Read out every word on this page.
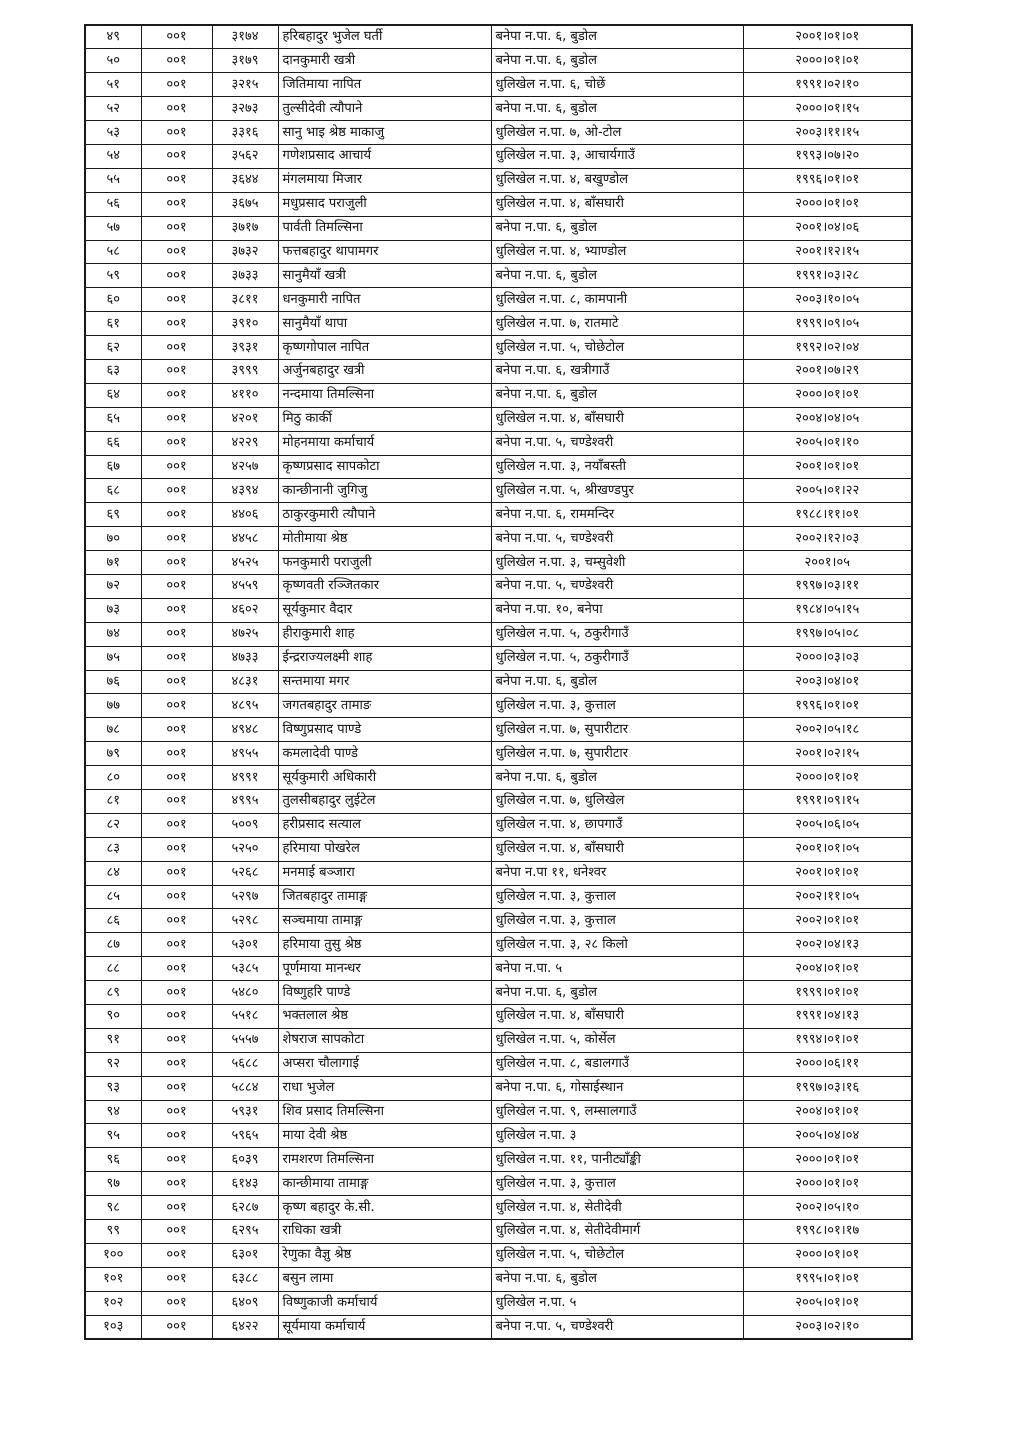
४९	००१	३१७४	हरिबहादुर भुजेल घर्ती	बनेपा न.पा. ६, बुडोल	२००१।०१।०१
५०	००१	३१७९	दानकुमारी खत्री	बनेपा न.पा. ६, बुडोल	२०००।०१।०१
५१	००१	३२१५	जितिमाया नापित	धुलिखेल न.पा. ६, चोछें	१९९१।०२।१०
५२	००१	३२७३	तुल्सीदेवी त्यौपाने	बनेपा न.पा. ६, बुडोल	२०००।०१।१५
५३	००१	३३१६	सानु भाइ श्रेष्ठ माकाजु	धुलिखेल न.पा. ७, ओ-टोल	२००३।११।१५
५४	००१	३५६२	गणेशप्रसाद आचार्य	धुलिखेल न.पा. ३, आचार्यगाउँ	१९९३।०७।२०
५५	००१	३६४४	मंगलमाया मिजार	धुलिखेल न.पा. ४, बखुण्डोल	१९९६।०१।०१
५६	००१	३६७५	मधुप्रसाद पराजुली	धुलिखेल न.पा. ४, बाँसघारी	२०००।०१।०१
५७	००१	३७१७	पार्वती तिमल्सिना	बनेपा न.पा. ६, बुडोल	२००१।०४।०६
५८	००१	३७३२	फत्तबहादुर थापामगर	धुलिखेल न.पा. ४, भ्याण्डोल	२००१।१२।१५
५९	००१	३७३३	सानुमैयाँ खत्री	बनेपा न.पा. ६, बुडोल	१९९१।०३।२८
६०	००१	३८११	धनकुमारी नापित	धुलिखेल न.पा. ८, कामपानी	२००३।१०।०५
६१	००१	३९१०	सानुमैयाँ थापा	धुलिखेल न.पा. ७, रातमाटे	१९९९।०९।०५
६२	००१	३९३१	कृष्णगोपाल नापित	धुलिखेल न.पा. ५, चोछेटोल	१९९२।०२।०४
६३	००१	३९९९	अर्जुनबहादुर खत्री	बनेपा न.पा. ६, खत्रीगाउँ	२००१।०७।२९
६४	००१	४११०	नन्दमाया तिमल्सिना	बनेपा न.पा. ६, बुडोल	२०००।०१।०१
६५	००१	४२०१	मिठु कार्की	धुलिखेल न.पा. ४, बाँसघारी	२००४।०४।०५
६६	००१	४२२९	मोहनमाया कर्माचार्य	बनेपा न.पा. ५, चण्डेश्वरी	२००५।०१।१०
६७	००१	४२५७	कृष्णप्रसाद सापकोटा	धुलिखेल न.पा. ३, नयाँबस्ती	२००१।०१।०१
६८	००१	४३९४	कान्छीनानी जुगिजु	धुलिखेल न.पा. ५, श्रीखण्डपुर	२००५।०१।२२
६९	००१	४४०६	ठाकुरकुमारी त्यौपाने	बनेपा न.पा. ६, राममन्दिर	१९८८।११।०१
७०	००१	४४५८	मोतीमाया श्रेष्ठ	बनेपा न.पा. ५, चण्डेश्वरी	२००२।१२।०३
७१	००१	४५२५	फनकुमारी पराजुली	धुलिखेल न.पा. ३, चम्सुवेशी	२००१।०५
७२	००१	४५५९	कृष्णवती रञ्जितकार	बनेपा न.पा. ५, चण्डेश्वरी	१९९७।०३।११
७३	००१	४६०२	सूर्यकुमार वैदार	बनेपा न.पा. १०, बनेपा	१९८४।०५।१५
७४	००१	४७२५	हीराकुमारी शाह	धुलिखेल न.पा. ५, ठकुरीगाउँ	१९९७।०५।०८
७५	००१	४७३३	ईन्द्रराज्यलक्ष्मी शाह	धुलिखेल न.पा. ५, ठकुरीगाउँ	२०००।०३।०३
७६	००१	४८३१	सन्तमाया मगर	बनेपा न.पा. ६, बुडोल	२००३।०४।०१
७७	००१	४८९५	जगतबहादुर तामाङ	धुलिखेल न.पा. ३, कुत्ताल	१९९६।०१।०१
७८	००१	४९४८	विष्णुप्रसाद पाण्डे	धुलिखेल न.पा. ७, सुपारीटार	२००२।०५।१८
७९	००१	४९५५	कमलादेवी पाण्डे	धुलिखेल न.पा. ७, सुपारीटार	२००१।०२।१५
८०	००१	४९९१	सूर्यकुमारी अधिकारी	बनेपा न.पा. ६, बुडोल	२०००।०१।०१
८१	००१	४९९५	तुलसीबहादुर लुईटेल	धुलिखेल न.पा. ७, धुलिखेल	१९९१।०९।१५
८२	००१	५००९	हरीप्रसाद सत्याल	धुलिखेल न.पा. ४, छापगाउँ	२००५।०६।०५
८३	००१	५२५०	हरिमाया पोखरेल	धुलिखेल न.पा. ४, बाँसघारी	२००१।०१।०५
८४	००१	५२६८	मनमाई बञ्जारा	बनेपा न.पा ११, धनेश्वर	२००१।०१।०१
८५	००१	५२९७	जितबहादुर तामाङ्ग	धुलिखेल न.पा. ३, कुत्ताल	२००२।११।०५
८६	००१	५२९८	सञ्चमाया तामाङ्ग	धुलिखेल न.पा. ३, कुत्ताल	२००२।०१।०१
८७	००१	५३०१	हरिमाया तुसु श्रेष्ठ	धुलिखेल न.पा. ३, २८ किलो	२००२।०४।१३
८८	००१	५३८५	पूर्णमाया मानन्धर	बनेपा न.पा. ५	२००४।०१।०१
८९	००१	५४८०	विष्णुहरि पाण्डे	बनेपा न.पा. ६, बुडोल	१९९९।०१।०१
९०	००१	५५१८	भक्तलाल श्रेष्ठ	धुलिखेल न.पा. ४, बाँसघारी	१९९१।०४।१३
९१	००१	५५५७	शेषराज सापकोटा	धुलिखेल न.पा. ५, कोर्सेल	१९९४।०१।०१
९२	००१	५६८८	अप्सरा चौलागाई	धुलिखेल न.पा. ८, बडालगाउँ	२०००।०६।११
९३	००१	५८८४	राधा भुजेल	बनेपा न.पा. ६, गोसाईस्थान	१९९७।०३।१६
९४	००१	५९३१	शिव प्रसाद तिमल्सिना	धुलिखेल न.पा. ९, लम्सालगाउँ	२००४।०१।०१
९५	००१	५९६५	माया देवी श्रेष्ठ	धुलिखेल न.पा. ३	२००५।०४।०४
९६	००१	६०३९	रामशरण तिमल्सिना	धुलिखेल न.पा. ११, पानीट्याँङ्की	२०००।०१।०१
९७	००१	६१४३	कान्छीमाया तामाङ्ग	धुलिखेल न.पा. ३, कुत्ताल	२०००।०१।०१
९८	००१	६२८७	कृष्ण बहादुर के.सी.	धुलिखेल न.पा. ४, सेतीदेवी	२००२।०५।१०
९९	००१	६२९५	राधिका खत्री	धुलिखेल न.पा. ४, सेतीदेवीमार्ग	१९९८।०१।१७
१००	००१	६३०१	रेणुका वैज्ञु श्रेष्ठ	धुलिखेल न.पा. ५, चोछेटोल	२०००।०१।०१
१०१	००१	६३८८	बसुन लामा	बनेपा न.पा. ६, बुडोल	१९९५।०१।०१
१०२	००१	६४०९	विष्णुकाजी कर्माचार्य	धुलिखेल न.पा. ५	२००५।०१।०१
१०३	००१	६४२२	सूर्यमाया कर्माचार्य	बनेपा न.पा. ५, चण्डेश्वरी	२००३।०२।१०
